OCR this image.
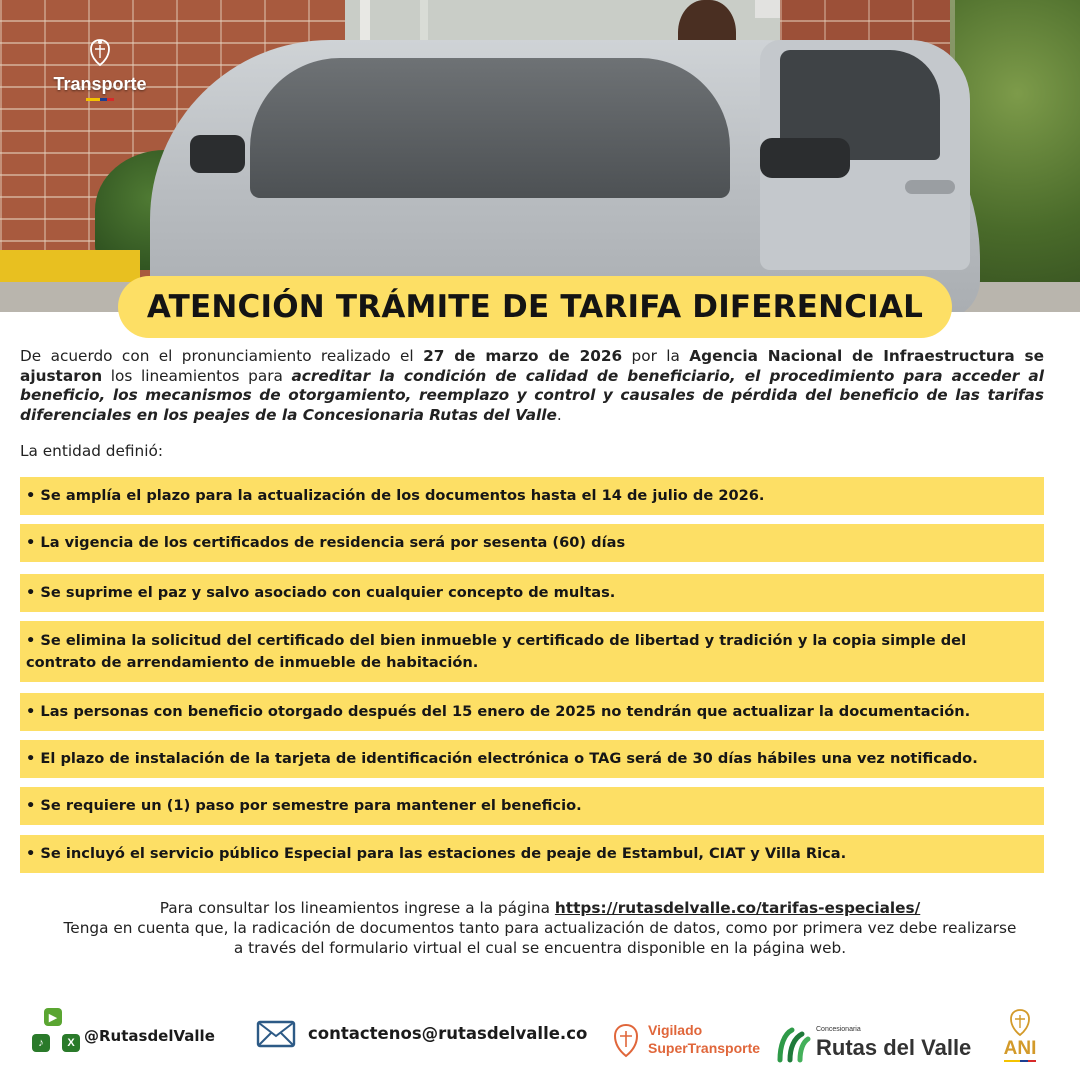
Transporte
ATENCIÓN TRÁMITE DE TARIFA DIFERENCIAL

De acuerdo con el pronunciamiento realizado el 27 de marzo de 2026 por la Agencia Nacional de Infraestructura se ajustaron los lineamientos para acreditar la condición de calidad de beneficiario, el procedimiento para acceder al beneficio, los mecanismos de otorgamiento, reemplazo y control y causales de pérdida del beneficio de las tarifas diferenciales en los peajes de la Concesionaria Rutas del Valle.

La entidad definió:
• Se amplía el plazo para la actualización de los documentos hasta el 14 de julio de 2026.
• La vigencia de los certificados de residencia será por sesenta (60) días
• Se suprime el paz y salvo asociado con cualquier concepto de multas.
• Se elimina la solicitud del certificado del bien inmueble y certificado de libertad y tradición y la copia simple del contrato de arrendamiento de inmueble de habitación.
• Las personas con beneficio otorgado después del 15 enero de 2025 no tendrán que actualizar la documentación.
• El plazo de instalación de la tarjeta de identificación electrónica o TAG será de 30 días hábiles una vez notificado.
• Se requiere un (1) paso por semestre para mantener el beneficio.
• Se incluyó el servicio público Especial para las estaciones de peaje de Estambul, CIAT y Villa Rica.
Para consultar los lineamientos ingrese a la página https://rutasdelvalle.co/tarifas-especiales/
Tenga en cuenta que, la radicación de documentos tanto para actualización de datos, como por primera vez debe realizarse
a través del formulario virtual el cual se encuentra disponible en la página web.
▶
♪	X @RutasdelValle	contactenos@rutasdelvalle.co	Vigilado
SuperTransporte
Concesionaria
Rutas del Valle ANI
